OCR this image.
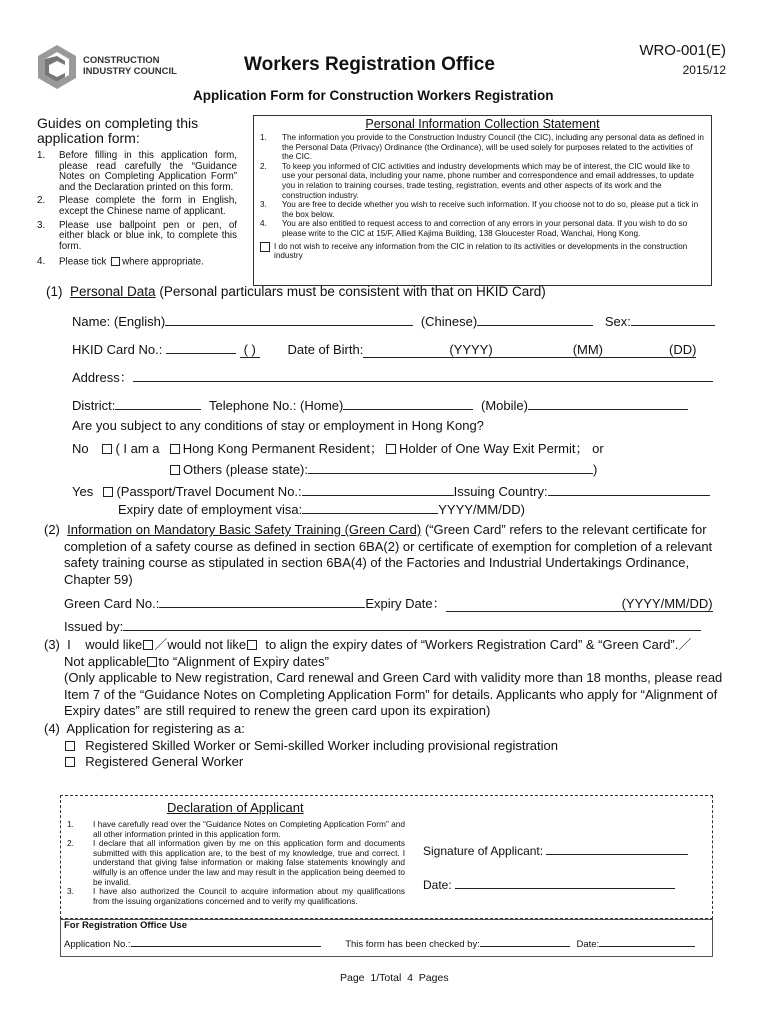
CONSTRUCTION
INDUSTRY COUNCIL	Workers Registration Office
WRO-001(E)
2015/12
Application Form for Construction Workers Registration
Guides on completing this
application form:
1.	Before filling in this application form, please read carefully the “Guidance Notes on Completing Application Form” and the Declaration printed on this form.
2.	Please complete the form in English, except the Chinese name of applicant.
3.	Please use ballpoint pen or pen, of either black or blue ink, to complete this form.
4.	Please tick where appropriate.
Personal Information Collection Statement
1.	The information you provide to the Construction Industry Council (the CIC), including any personal data as defined in the Personal Data (Privacy) Ordinance (the Ordinance), will be used solely for purposes related to the activities of the CIC.
2.	To keep you informed of CIC activities and industry developments which may be of interest, the CIC would like to use your personal data, including your name, phone number and correspondence and email addresses, to update you in relation to training courses, trade testing, registration, events and other aspects of its work and the construction industry.
3.	You are free to decide whether you wish to receive such information. If you choose not to do so, please put a tick in the box below.
4.	You are also entitled to request access to and correction of any errors in your personal data. If you wish to do so please write to the CIC at 15/F, Allied Kajima Building, 138 Gloucester Road, Wanchai, Hong Kong.
I do not wish to receive any information from the CIC in relation to its activities or developments in the construction industry
(1) Personal Data (Personal particulars must be consistent with that on HKID Card)
Name: (English)	(Chinese)	Sex:
HKID Card No.:	( ) Date of Birth:	(YYYY)	(MM)	(DD)
Address：
District:	Telephone No.: (Home)	(Mobile)
Are you subject to any conditions of stay or employment in Hong Kong?
No ( I am a Hong Kong Permanent Resident； Holder of One Way Exit Permit； or
Others (please state):	)
Yes (Passport/Travel Document No.:	Issuing Country:
Expiry date of employment visa:	YYYY/MM/DD)
(2) Information on Mandatory Basic Safety Training (Green Card) (“Green Card” refers to the relevant certificate for
completion of a safety course as defined in section 6BA(2) or certificate of exemption for completion of a relevant
safety training course as stipulated in section 6BA(4) of the Factories and Industrial Undertakings Ordinance,
Chapter 59)
Green Card No.:	Expiry Date：	(YYYY/MM/DD)
Issued by:
(3) I would like ／would not like to align the expiry dates of “Workers Registration Card” & “Green Card”.／
Not applicable to “Alignment of Expiry dates”
(Only applicable to New registration, Card renewal and Green Card with validity more than 18 months, please read
Item 7 of the “Guidance Notes on Completing Application Form” for details. Applicants who apply for “Alignment of
Expiry dates” are still required to renew the green card upon its expiration)
(4) Application for registering as a:
Registered Skilled Worker or Semi-skilled Worker including provisional registration
Registered General Worker
Declaration of Applicant
1.	I have carefully read over the “Guidance Notes on Completing Application Form” and all other information printed in this application form.
2.	I declare that all information given by me on this application form and documents submitted with this application are, to the best of my knowledge, true and correct. I understand that giving false information or making false statements knowingly and wilfully is an offence under the law and may result in the application being deemed to be invalid.
3.	I have also authorized the Council to acquire information about my qualifications from the issuing organizations concerned and to verify my qualifications.
Signature of Applicant:
Date:
For Registration Office Use
Application No.:	This form has been checked by:	Date:
Page  1/Total  4  Pages
